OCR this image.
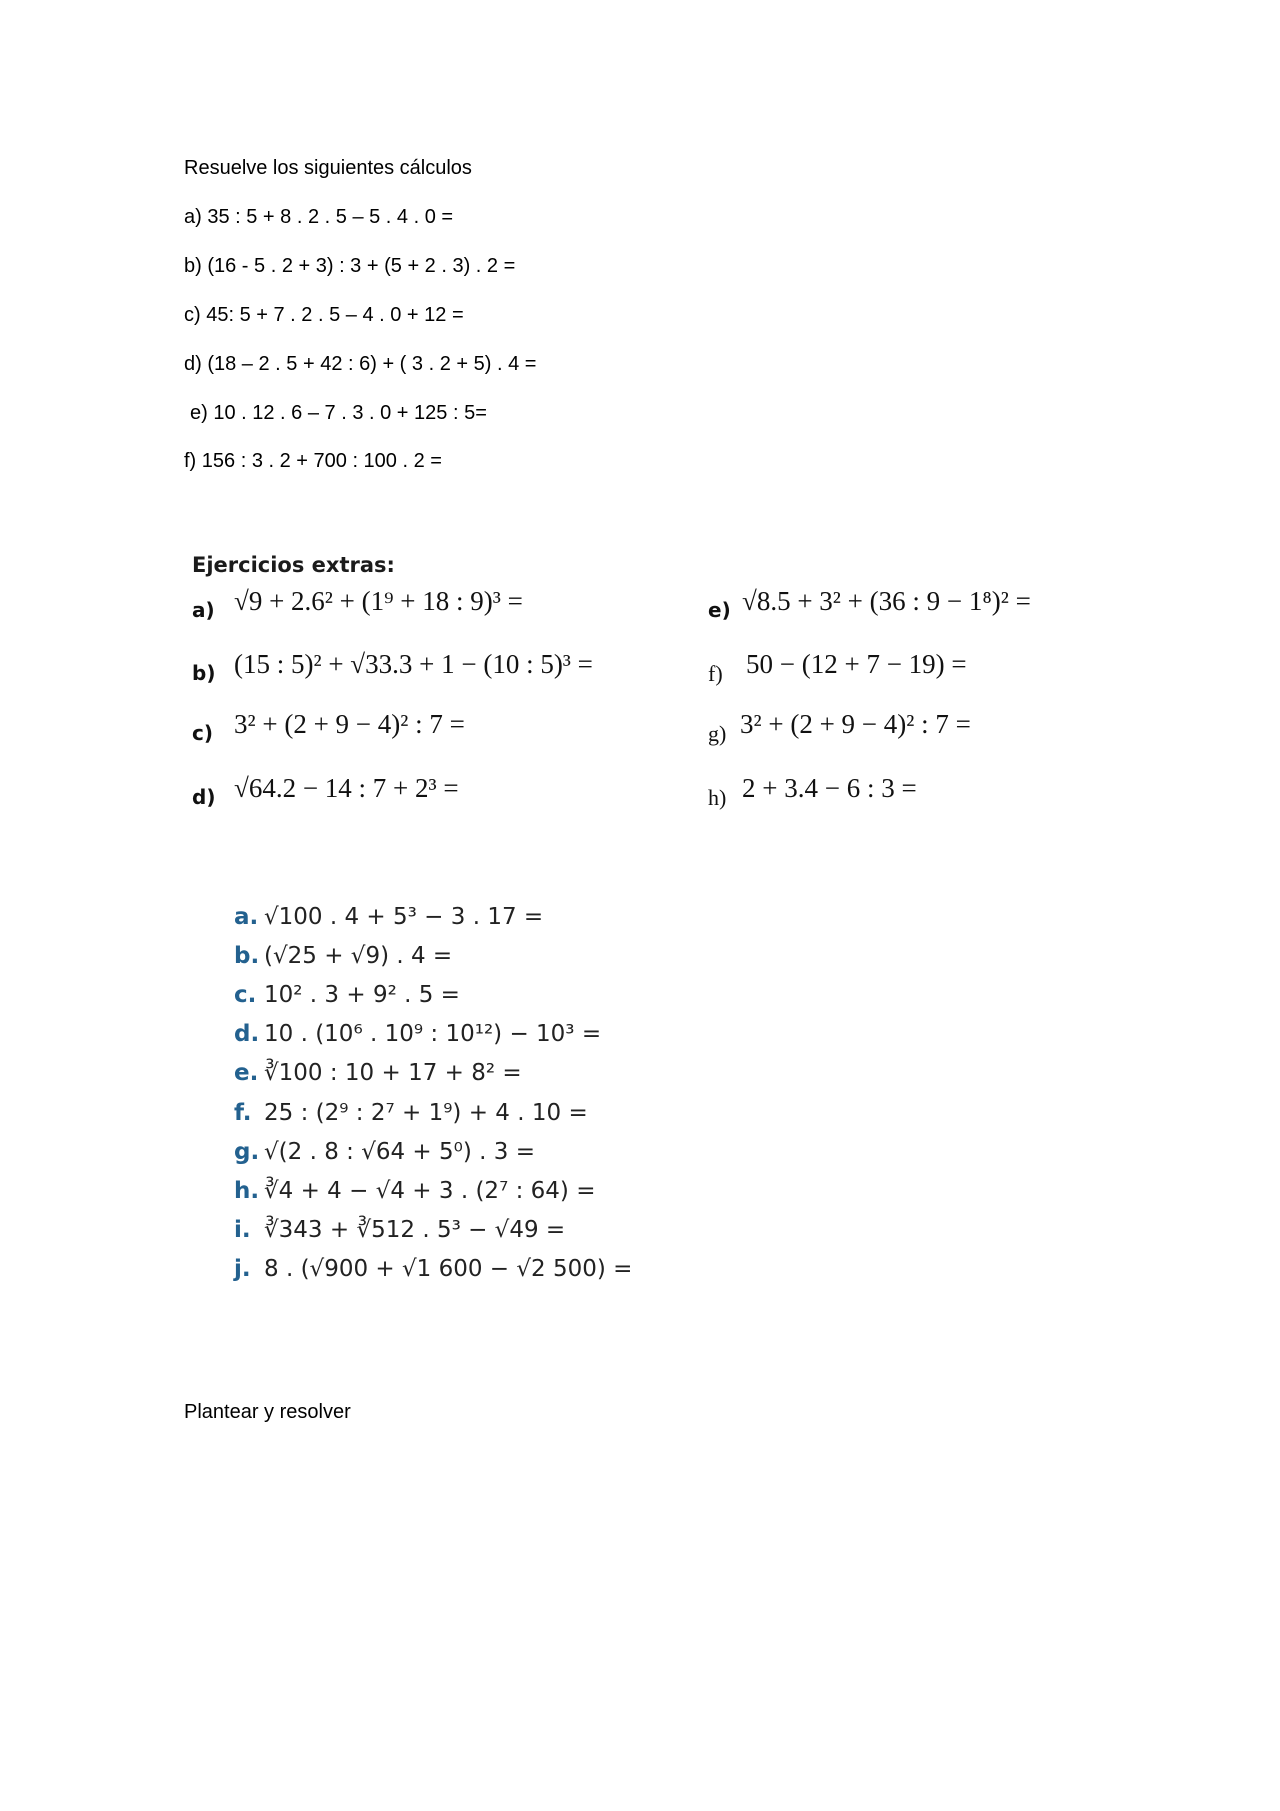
Resuelve los siguientes cálculos
a) 35 : 5 + 8 . 2 . 5 – 5 . 4 . 0 =
b) (16 - 5 . 2 + 3) : 3 + (5 + 2 . 3) . 2 =
c) 45: 5 + 7 . 2 . 5 – 4 . 0 + 12 =
d) (18 – 2 . 5 + 42 : 6) + ( 3 . 2 + 5) . 4 =
e) 10 . 12 . 6 – 7 . 3 . 0 + 125 : 5=
f) 156 : 3 . 2 + 700 : 100 . 2 =
Ejercicios extras:
a) √9 + 2.6² + (1⁹ + 18 : 9)³ =
b) (15 : 5)² + √33.3 + 1 − (10 : 5)³ =
c) 3² + (2 + 9 − 4)² : 7 =
d) √64.2 − 14 : 7 + 2³ =
e) √8.5 + 3² + (36 : 9 − 1⁸)² =
f) 50 − (12 + 7 − 19) =
g) 3² + (2 + 9 − 4)² : 7 =
h) 2 + 3.4 − 6 : 3 =
a. √100 . 4 + 5³ − 3 . 17 =
b. (√25 + √9) . 4 =
c. 10² . 3 + 9² . 5 =
d. 10 . (10⁶ . 10⁹ : 10¹²) − 10³ =
e. ∛100 : 10 + 17 + 8² =
f. 25 : (2⁹ : 2⁷ + 1⁹) + 4 . 10 =
g. √(2 . 8 : √64 + 5⁰) . 3 =
h. ∛4 + 4 − √4 + 3 . (2⁷ : 64) =
i. ∛343 + ∛512 . 5³ − √49 =
j. 8 . (√900 + √1 600 − √2 500) =
Plantear y resolver
